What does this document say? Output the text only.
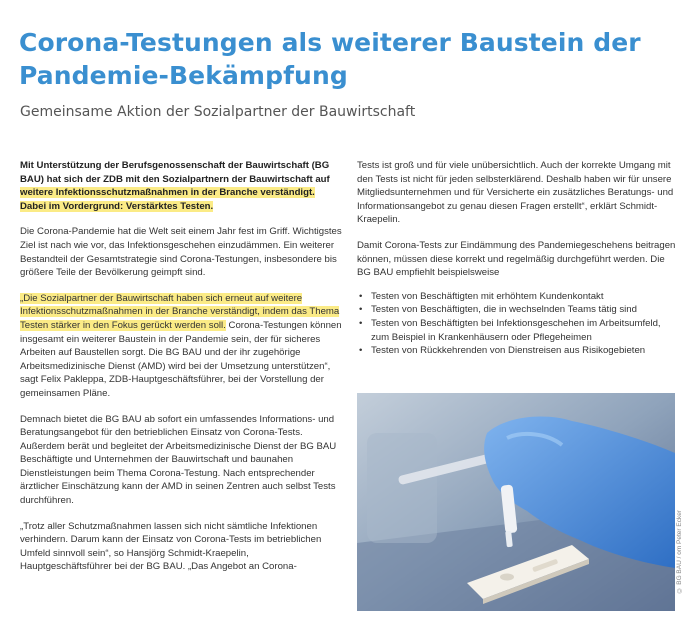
Corona-Testungen als weiterer Baustein der Pandemie-Bekämpfung
Gemeinsame Aktion der Sozialpartner der Bauwirtschaft

Mit Unterstützung der Berufsgenossenschaft der Bauwirtschaft (BG BAU) hat sich der ZDB mit den Sozialpartnern der Bauwirtschaft auf weitere Infektionsschutzmaßnahmen in der Branche verständigt. Dabei im Vordergrund: Verstärktes Testen.

Die Corona-Pandemie hat die Welt seit einem Jahr fest im Griff. Wichtigstes Ziel ist nach wie vor, das Infektionsgeschehen einzudämmen. Ein weiterer Bestandteil der Gesamtstrategie sind Corona-Testungen, insbesondere bis größere Teile der Bevölkerung geimpft sind.

„Die Sozialpartner der Bauwirtschaft haben sich erneut auf weitere Infektionsschutzmaßnahmen in der Branche verständigt, indem das Thema Testen stärker in den Fokus gerückt werden soll. Corona-Testungen können insgesamt ein weiterer Baustein in der Pandemie sein, der für sicheres Arbeiten auf Baustellen sorgt. Die BG BAU und der ihr zugehörige Arbeitsmedizinische Dienst (AMD) wird bei der Umsetzung unterstützen“, sagt Felix Pakleppa, ZDB-Hauptgeschäftsführer, bei der Vorstellung der gemeinsamen Pläne.

Demnach bietet die BG BAU ab sofort ein umfassendes Informations- und Beratungsangebot für den betrieblichen Einsatz von Corona-Tests. Außerdem berät und begleitet der Arbeitsmedizinische Dienst der BG BAU Beschäftigte und Unternehmen der Bauwirtschaft und baunahen Dienstleistungen beim Thema Corona-Testung. Nach entsprechender ärztlicher Einschätzung kann der AMD in seinen Zentren auch selbst Tests durchführen.

„Trotz aller Schutzmaßnahmen lassen sich nicht sämtliche Infektionen verhindern. Darum kann der Einsatz von Corona-Tests im betrieblichen Umfeld sinnvoll sein“, so Hansjörg Schmidt-Kraepelin, Hauptgeschäftsführer bei der BG BAU. „Das Angebot an Corona-

Tests ist groß und für viele unübersichtlich. Auch der korrekte Umgang mit den Tests ist nicht für jeden selbsterklärend. Deshalb haben wir für unsere Mitgliedsunternehmen und für Versicherte ein zusätzliches Beratungs- und Informationsangebot zu genau diesen Fragen erstellt“, erklärt Schmidt-Kraepelin.

Damit Corona-Tests zur Eindämmung des Pandemiegeschehens beitragen können, müssen diese korrekt und regelmäßig durchgeführt werden. Die BG BAU empfiehlt beispielsweise

• Testen von Beschäftigten mit erhöhtem Kundenkontakt
• Testen von Beschäftigten, die in wechselnden Teams tätig sind
• Testen von Beschäftigten bei Infektionsgeschehen im Arbeitsumfeld, zum Beispiel in Krankenhäusern oder Pflegeheimen
• Testen von Rückkehrenden von Dienstreisen aus Risikogebieten
© BG BAU / om Peter Ecker
